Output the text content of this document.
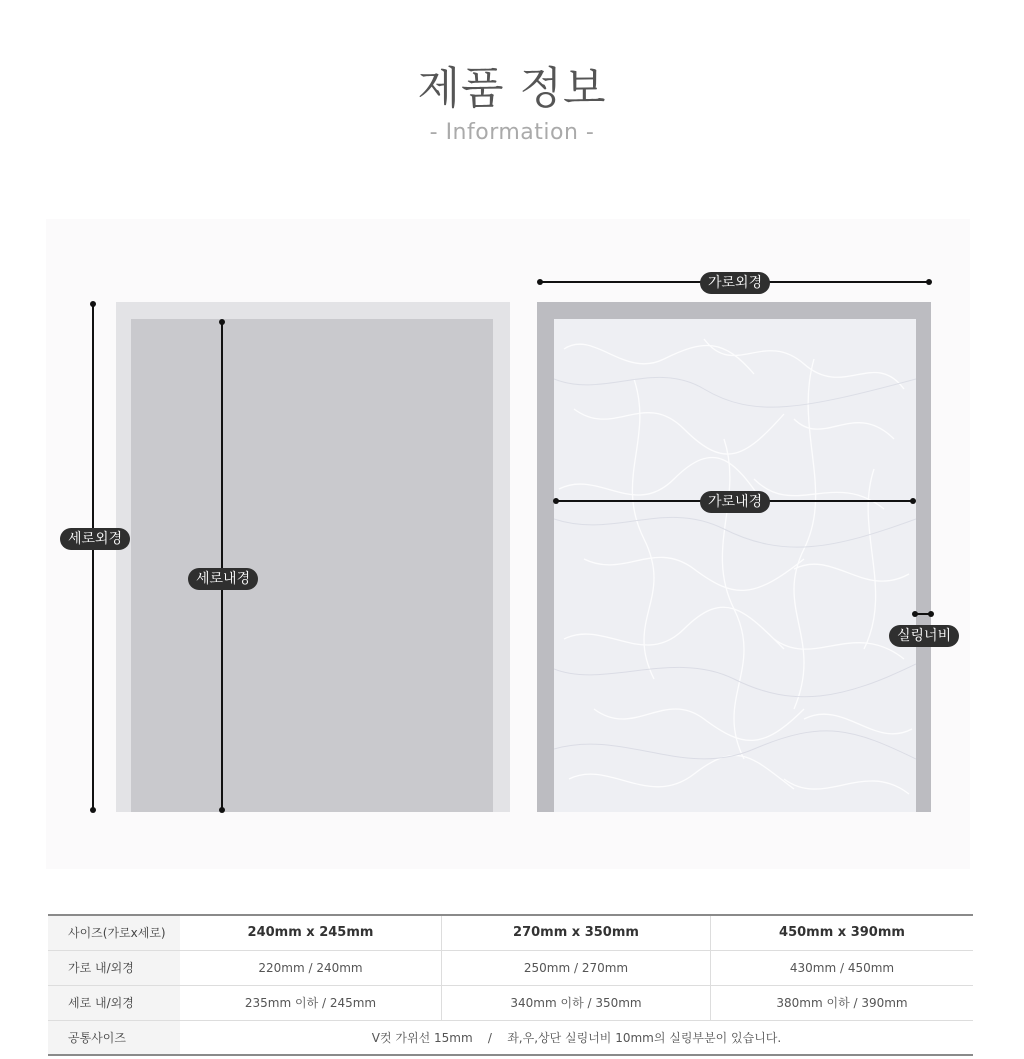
제품 정보
- Information -
세로외경
세로내경
가로외경
가로내경
실링너비
사이즈(가로x세로)	240mm x 245mm	270mm x 350mm	450mm x 390mm
가로 내/외경	220mm / 240mm	250mm / 270mm	430mm / 450mm
세로 내/외경	235mm 이하 / 245mm	340mm 이하 / 350mm	380mm 이하 / 390mm
공통사이즈	V컷 가위선 15mm    /    좌,우,상단 실링너비 10mm의 실링부분이 있습니다.		
